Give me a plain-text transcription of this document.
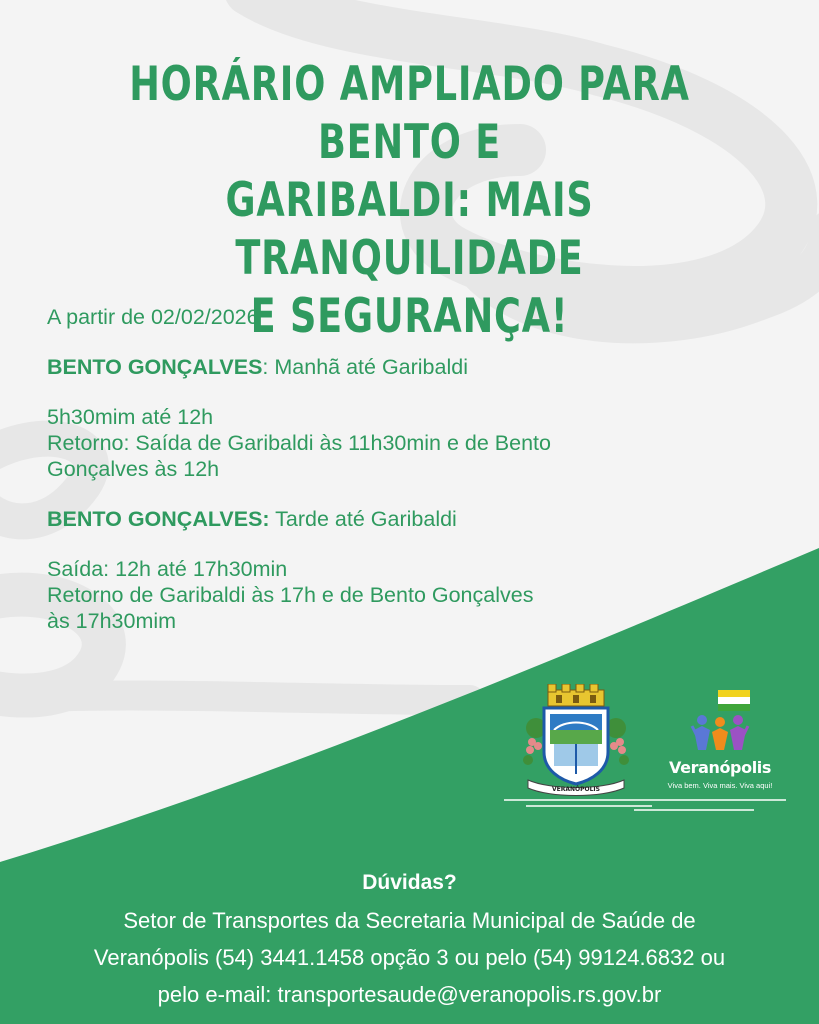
HORÁRIO AMPLIADO PARA BENTO E
GARIBALDI: MAIS TRANQUILIDADE
E SEGURANÇA!

A partir de 02/02/2026

BENTO GONÇALVES: Manhã até Garibaldi

5h30mim até 12h
Retorno: Saída de Garibaldi às 11h30min e de Bento
Gonçalves às 12h

BENTO GONÇALVES: Tarde até Garibaldi

Saída: 12h até 17h30min
Retorno de Garibaldi às 17h e de Bento Gonçalves
às 17h30mim

VERANÓPOLIS
Veranópolis
Viva bem. Viva mais. Viva aqui!

Dúvidas?

Setor de Transportes da Secretaria Municipal de Saúde de

Veranópolis (54) 3441.1458 opção 3 ou pelo (54) 99124.6832 ou

pelo e-mail: transportesaude@veranopolis.rs.gov.br
